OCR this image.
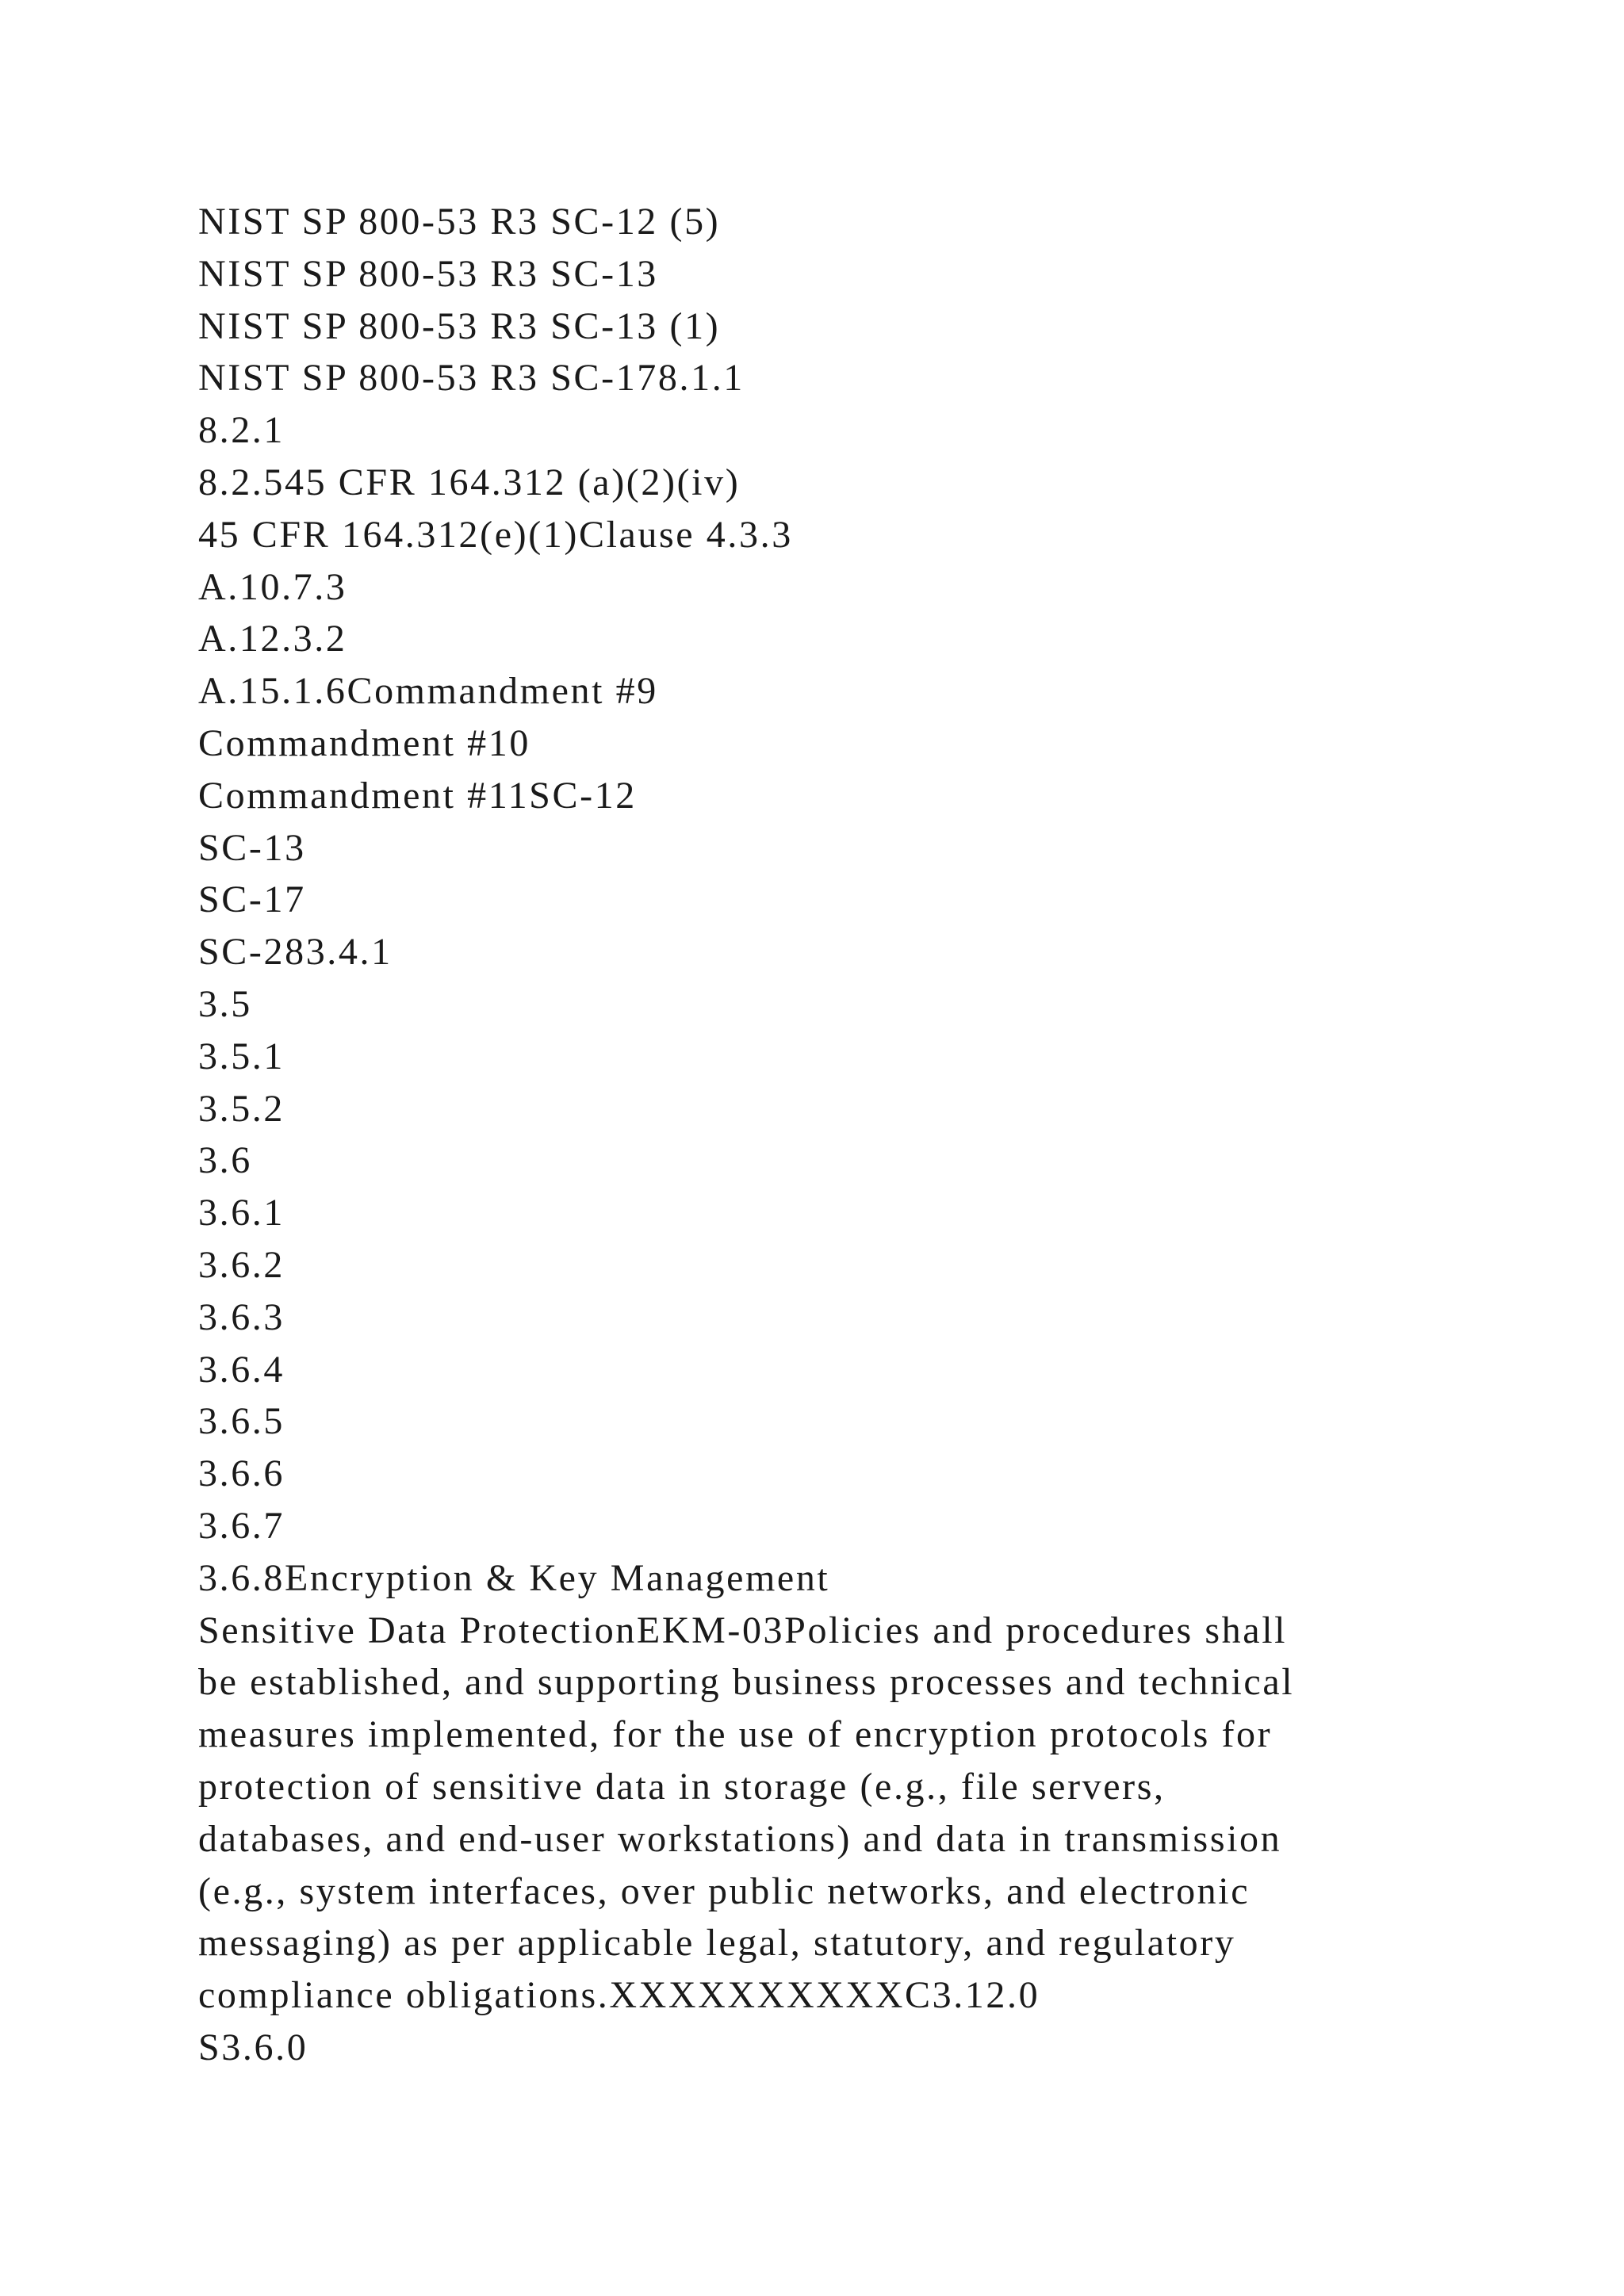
NIST SP 800-53 R3 SC-12 (5)
NIST SP 800-53 R3 SC-13
NIST SP 800-53 R3 SC-13 (1)
NIST SP 800-53 R3 SC-178.1.1
8.2.1
8.2.545 CFR 164.312 (a)(2)(iv)
45 CFR 164.312(e)(1)Clause 4.3.3
A.10.7.3
A.12.3.2
A.15.1.6Commandment #9
Commandment #10
Commandment #11SC-12
SC-13
SC-17
SC-283.4.1
3.5
3.5.1
3.5.2
3.6
3.6.1
3.6.2
3.6.3
3.6.4
3.6.5
3.6.6
3.6.7
3.6.8Encryption & Key Management
Sensitive Data ProtectionEKM-03Policies and procedures shall
be established, and supporting business processes and technical
measures implemented, for the use of encryption protocols for
protection of sensitive data in storage (e.g., file servers,
databases, and end-user workstations) and data in transmission
(e.g., system interfaces, over public networks, and electronic
messaging) as per applicable legal, statutory, and regulatory
compliance obligations.XXXXXXXXXXC3.12.0
S3.6.0
